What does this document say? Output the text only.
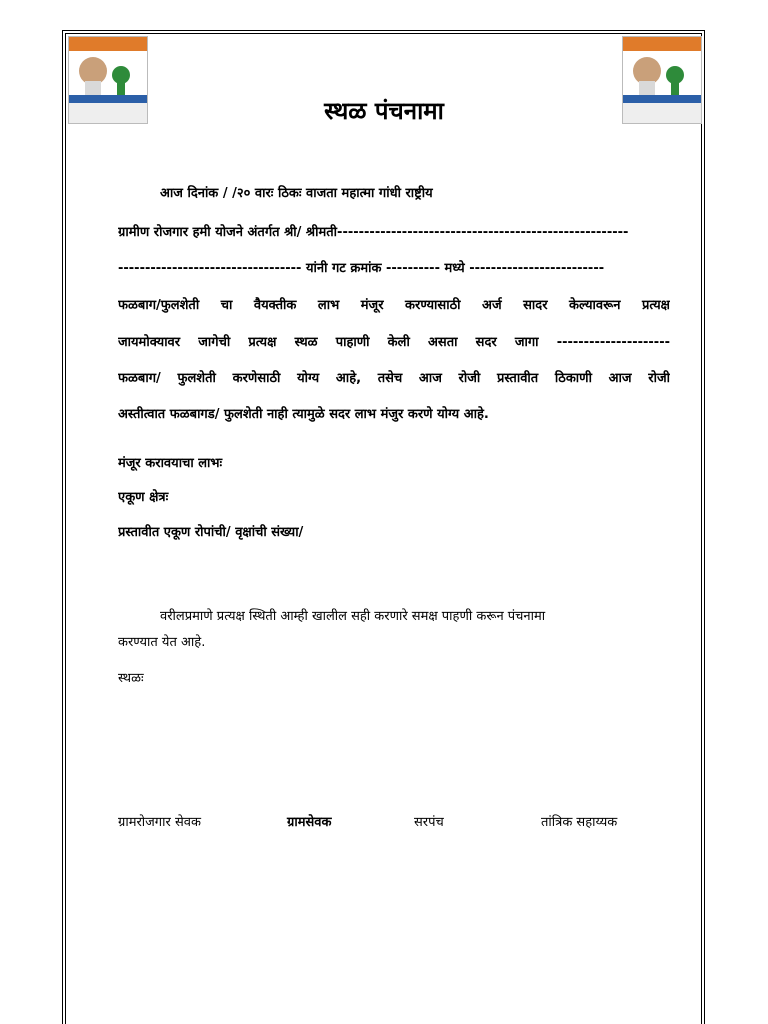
स्थळ पंचनामा
आज दिनांक / /२० वारः ठिकः वाजता महात्मा गांधी राष्ट्रीय
ग्रामीण रोजगार हमी योजने अंतर्गत श्री/ श्रीमती------------------------------------------------------
---------------------------------- यांनी गट क्रमांक ---------- मध्ये -------------------------
फळबाग/फुलशेती चा वैयक्तीक लाभ मंजूर करण्यासाठी अर्ज सादर केल्यावरून प्रत्यक्ष
जायमोक्यावर जागेची प्रत्यक्ष स्थळ पाहाणी केली असता सदर जागा ---------------------
फळबाग/ फुलशेती करणेसाठी योग्य आहे, तसेच आज रोजी प्रस्तावीत ठिकाणी आज रोजी
अस्तीत्वात फळबागड/ फुलशेती नाही त्यामुळे सदर लाभ मंजुर करणे योग्य आहे.
मंजूर करावयाचा लाभः
एकूण क्षेत्रः
प्रस्तावीत एकूण रोपांची/ वृक्षांची संख्या/
वरीलप्रमाणे प्रत्यक्ष स्थिती आम्ही खालील सही करणारे समक्ष पाहणी करून पंचनामा
करण्यात येत आहे.
स्थळः
ग्रामरोजगार सेवक	ग्रामसेवक	सरपंच	तांत्रिक सहाय्यक
